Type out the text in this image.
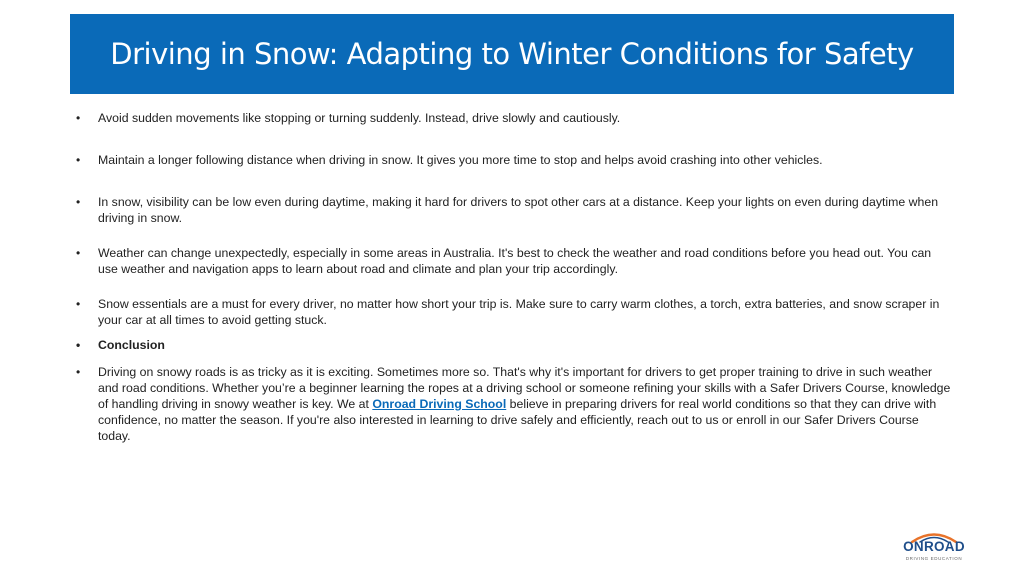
Driving in Snow: Adapting to Winter Conditions for Safety
• Avoid sudden movements like stopping or turning suddenly. Instead, drive slowly and cautiously.
• Maintain a longer following distance when driving in snow. It gives you more time to stop and helps avoid crashing into other vehicles.
• In snow, visibility can be low even during daytime, making it hard for drivers to spot other cars at a distance. Keep your lights on even during daytime when driving in snow.
• Weather can change unexpectedly, especially in some areas in Australia. It's best to check the weather and road conditions before you head out. You can use weather and navigation apps to learn about road and climate and plan your trip accordingly.
• Snow essentials are a must for every driver, no matter how short your trip is. Make sure to carry warm clothes, a torch, extra batteries, and snow scraper in your car at all times to avoid getting stuck.
• Conclusion
• Driving on snowy roads is as tricky as it is exciting. Sometimes more so. That's why it's important for drivers to get proper training to drive in such weather and road conditions. Whether you’re a beginner learning the ropes at a driving school or someone refining your skills with a Safer Drivers Course, knowledge of handling driving in snowy weather is key. We at Onroad Driving School believe in preparing drivers for real world conditions so that they can drive with confidence, no matter the season. If you're also interested in learning to drive safely and efficiently, reach out to us or enroll in our Safer Drivers Course today.
ONROAD
DRIVING EDUCATION
